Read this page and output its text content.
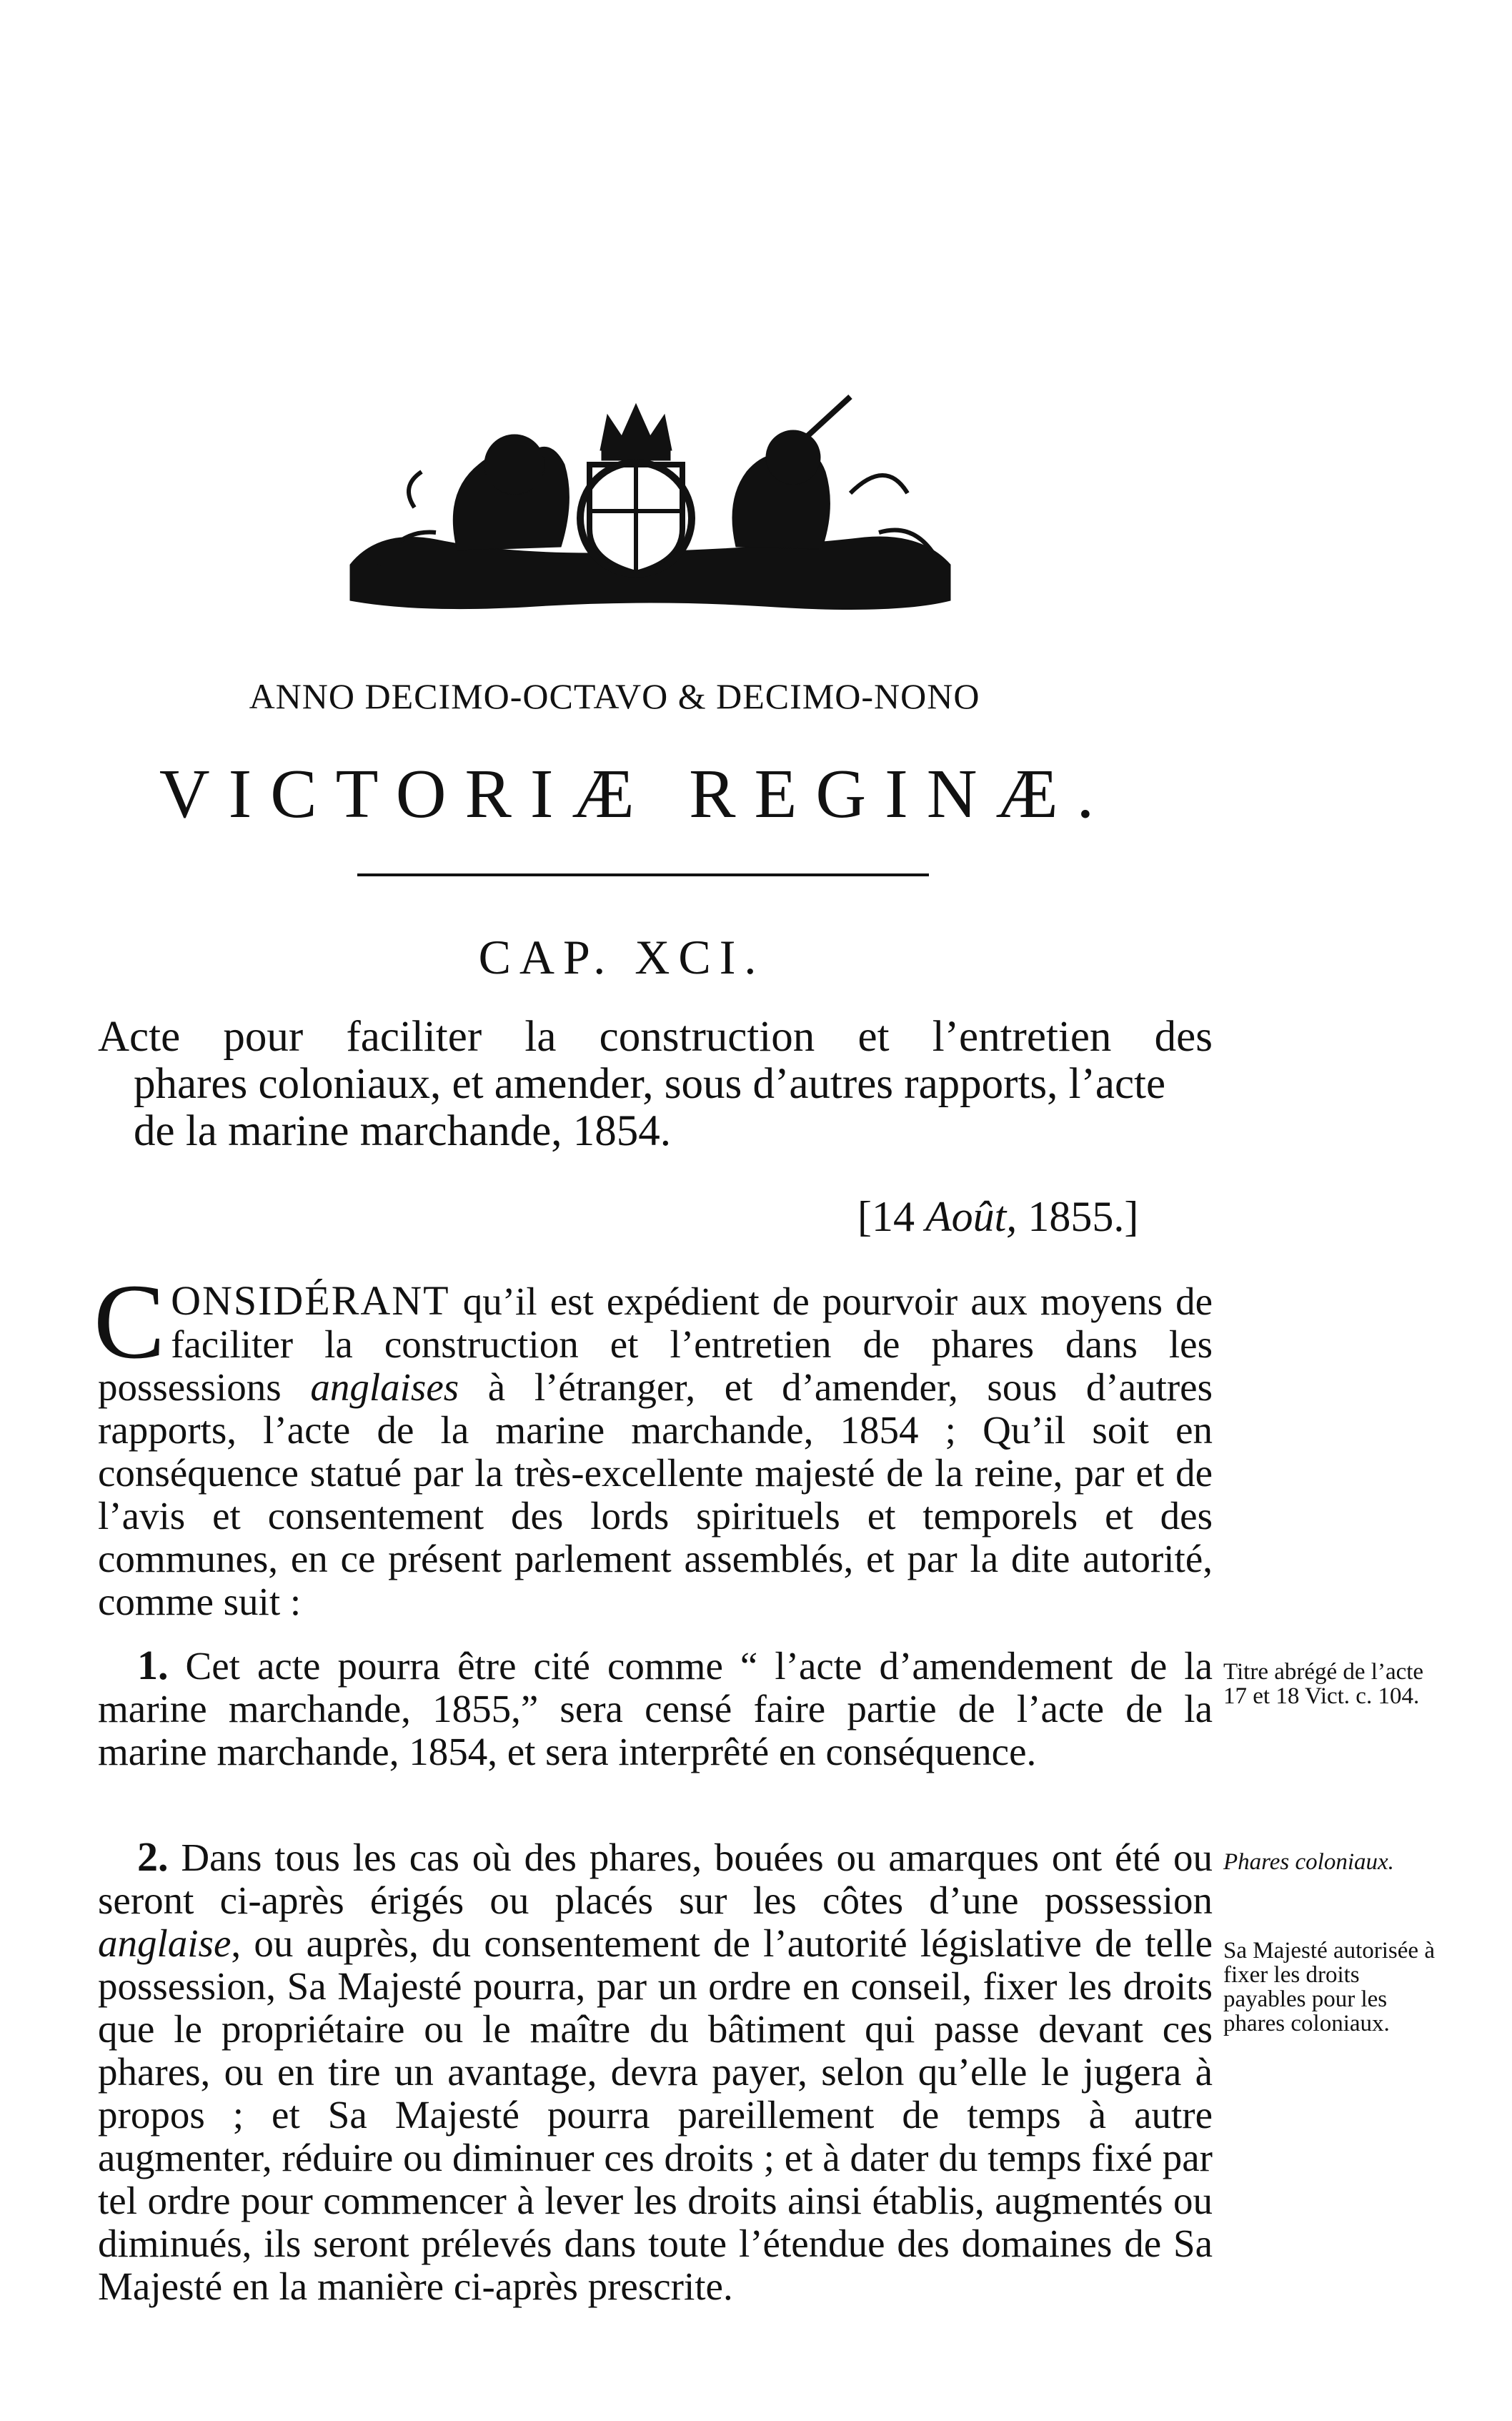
ANNO DECIMO-OCTAVO & DECIMO-NONO
VICTORIÆ REGINÆ.
CAP. XCI.
Acte pour faciliter la construction et l’entretien des
phares coloniaux, et amender, sous d’autres rapports, l’acte de la marine marchande, 1854.
[14 Août, 1855.]
CONSIDÉRANT qu’il est expédient de pourvoir aux moyens de faciliter la construction et l’entretien de phares dans les possessions anglaises à l’étranger, et d’amender, sous d’autres rapports, l’acte de la marine marchande, 1854 ; Qu’il soit en conséquence statué par la très-excellente majesté de la reine, par et de l’avis et consentement des lords spirituels et temporels et des communes, en ce présent parlement assemblés, et par la dite autorité, comme suit :
1. Cet acte pourra être cité comme “ l’acte d’amendement de la marine marchande, 1855,” sera censé faire partie de l’acte de la marine marchande, 1854, et sera interprêté en conséquence.
2. Dans tous les cas où des phares, bouées ou amarques ont été ou seront ci-après érigés ou placés sur les côtes d’une possession anglaise, ou auprès, du consentement de l’autorité législative de telle possession, Sa Majesté pourra, par un ordre en conseil, fixer les droits que le propriétaire ou le maître du bâtiment qui passe devant ces phares, ou en tire un avantage, devra payer, selon qu’elle le jugera à propos ; et Sa Majesté pourra pareillement de temps à autre augmenter, réduire ou diminuer ces droits ; et à dater du temps fixé par tel ordre pour commencer à lever les droits ainsi établis, augmentés ou diminués, ils seront prélevés dans toute l’étendue des domaines de Sa Majesté en la manière ci-après prescrite.
Titre abrégé de l’acte 17 et 18 Vict. c. 104.
Phares coloniaux.
Sa Majesté autorisée à fixer les droits payables pour les phares coloniaux.
